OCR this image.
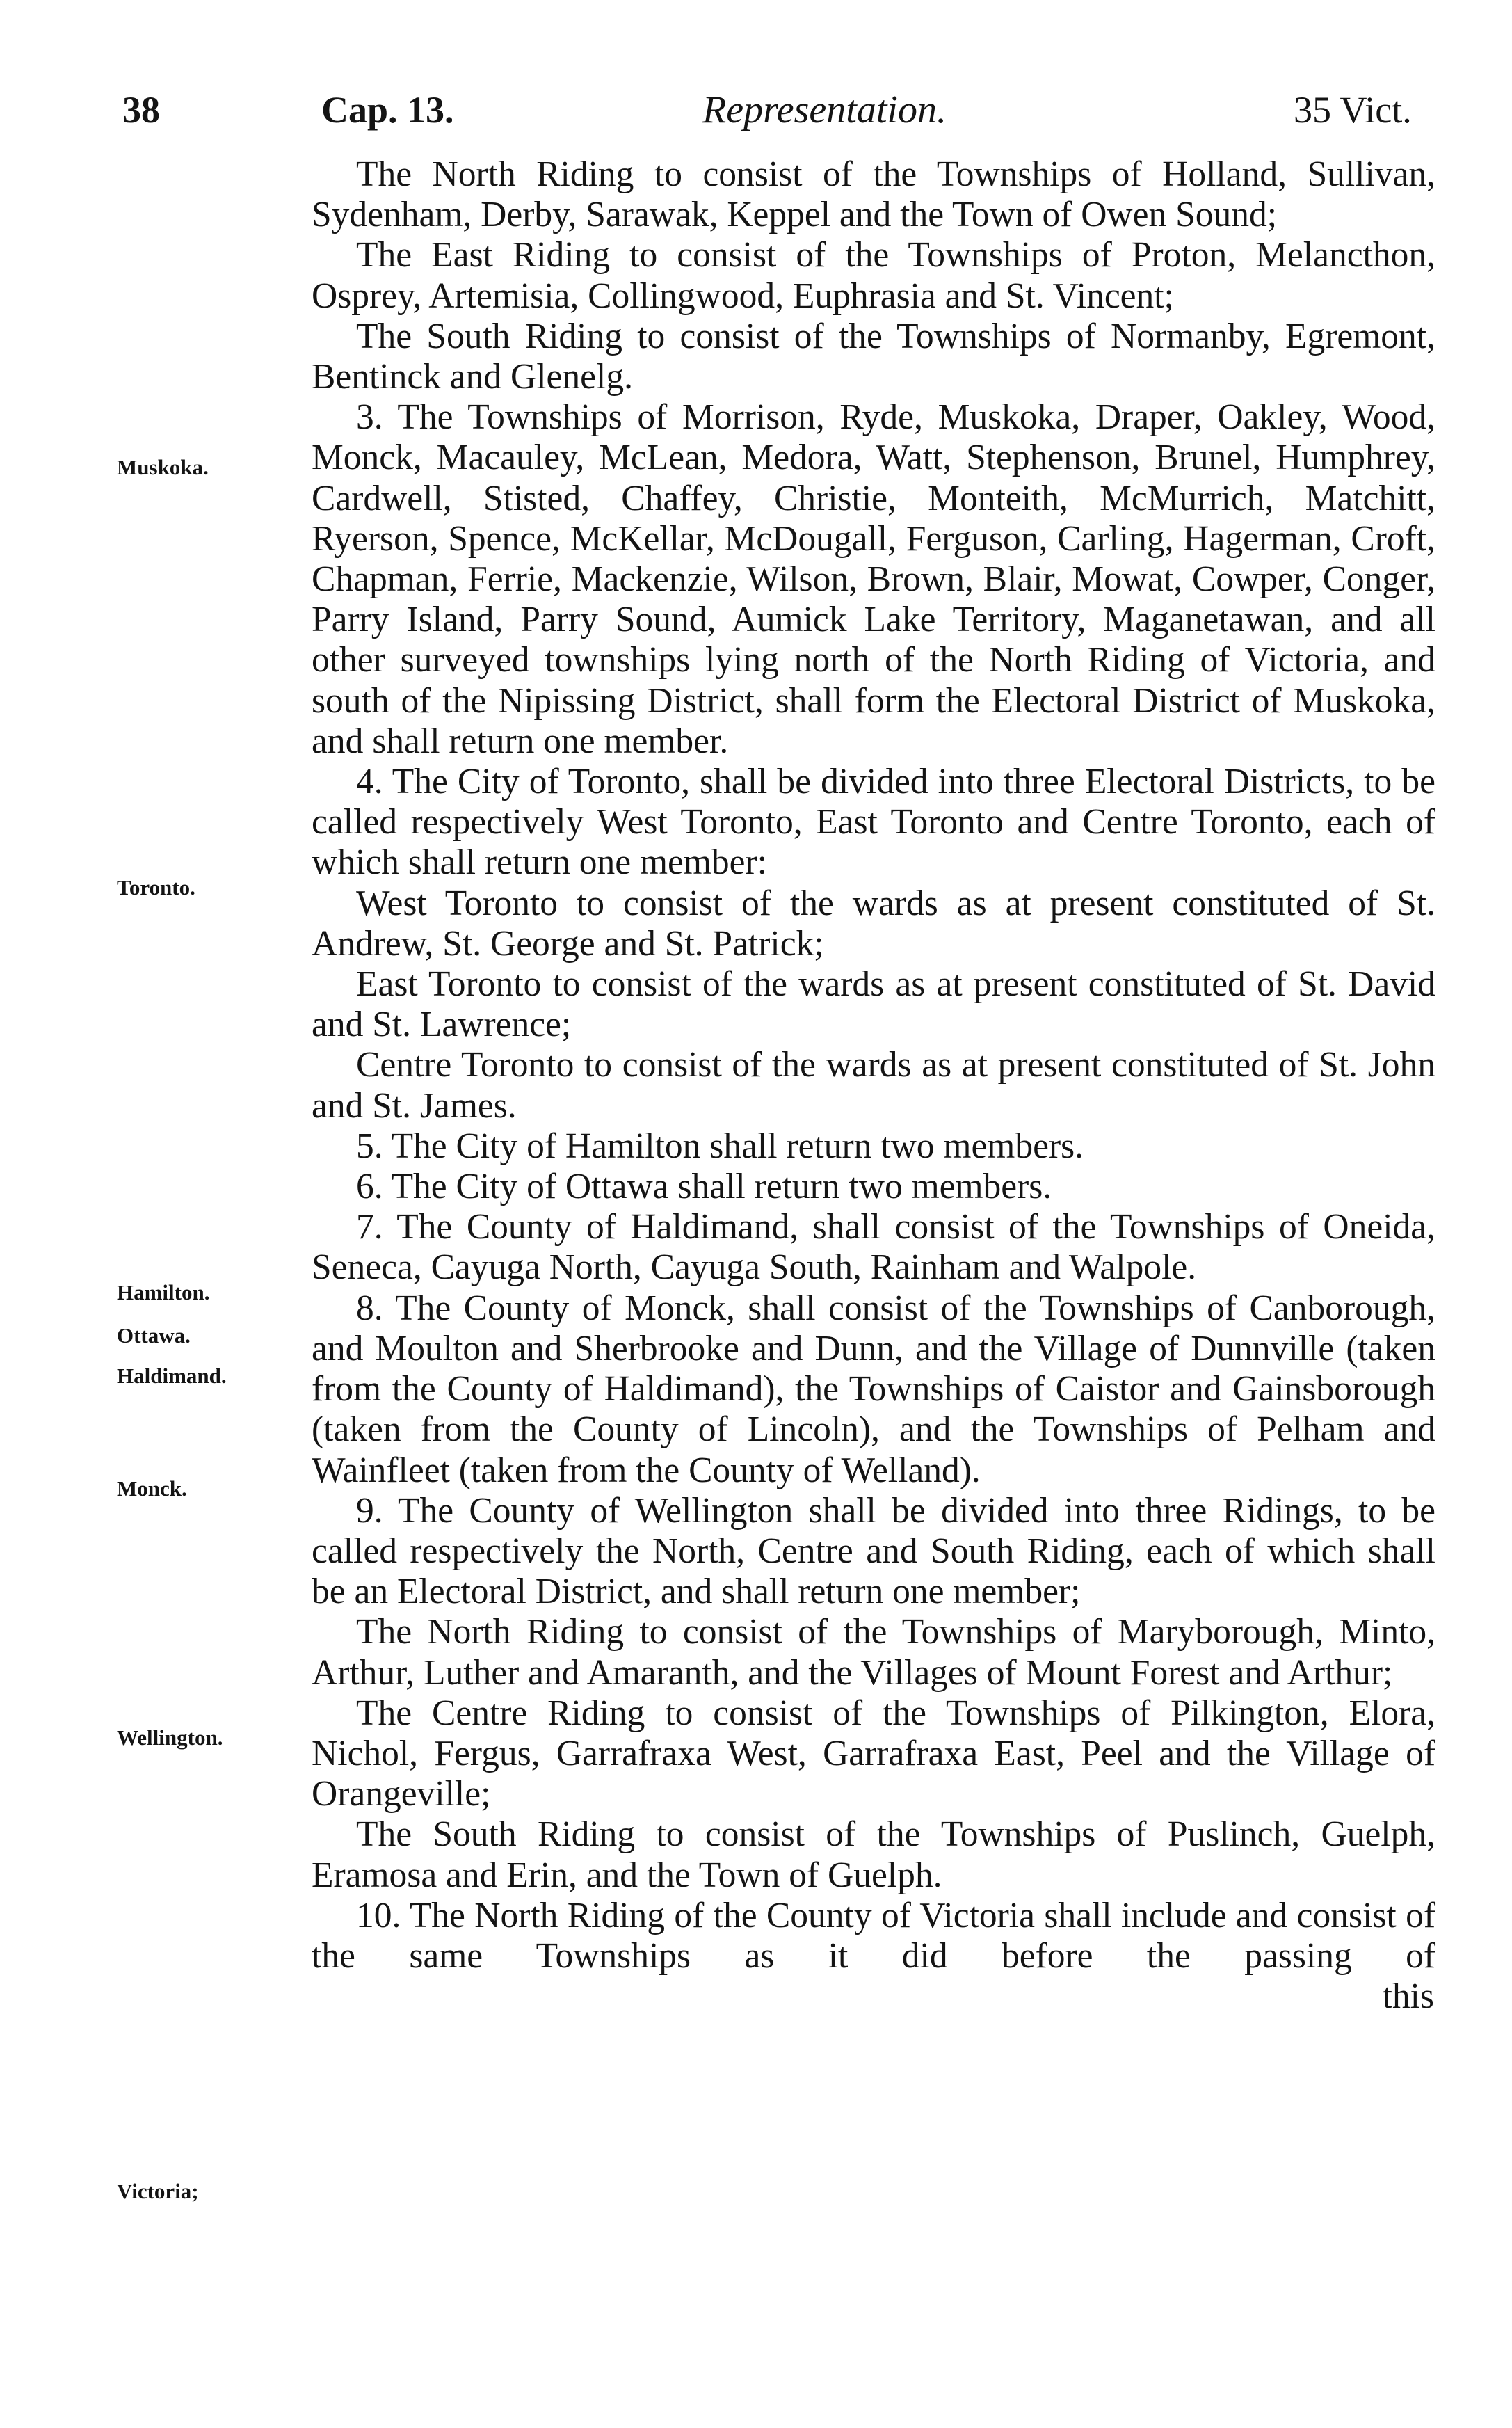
38	Cap. 13.	Representation.	35 Vict.
Muskoka.
Toronto.
Hamilton.
Ottawa.
Haldimand.
Monck.
Wellington.
Victoria;

The North Riding to consist of the Townships of Holland, Sullivan, Sydenham, Derby, Sarawak, Keppel and the Town of Owen Sound;

The East Riding to consist of the Townships of Proton, Melancthon, Osprey, Artemisia, Collingwood, Euphrasia and St. Vincent;

The South Riding to consist of the Townships of Normanby, Egremont, Bentinck and Glenelg.

3. The Townships of Morrison, Ryde, Muskoka, Draper, Oakley, Wood, Monck, Macauley, McLean, Medora, Watt, Stephenson, Brunel, Humphrey, Cardwell, Stisted, Chaffey, Christie, Monteith, McMurrich, Matchitt, Ryerson, Spence, McKellar, McDougall, Ferguson, Carling, Hagerman, Croft, Chapman, Ferrie, Mackenzie, Wilson, Brown, Blair, Mowat, Cowper, Conger, Parry Island, Parry Sound, Aumick Lake Territory, Maganetawan, and all other surveyed townships lying north of the North Riding of Victoria, and south of the Nipissing District, shall form the Electoral District of Muskoka, and shall return one member.

4. The City of Toronto, shall be divided into three Electoral Districts, to be called respectively West Toronto, East Toronto and Centre Toronto, each of which shall return one member:

West Toronto to consist of the wards as at present constituted of St. Andrew, St. George and St. Patrick;

East Toronto to consist of the wards as at present constituted of St. David and St. Lawrence;

Centre Toronto to consist of the wards as at present constituted of St. John and St. James.

5. The City of Hamilton shall return two members.

6. The City of Ottawa shall return two members.

7. The County of Haldimand, shall consist of the Townships of Oneida, Seneca, Cayuga North, Cayuga South, Rainham and Walpole.

8. The County of Monck, shall consist of the Townships of Canborough, and Moulton and Sherbrooke and Dunn, and the Village of Dunnville (taken from the County of Haldimand), the Townships of Caistor and Gainsborough (taken from the County of Lincoln), and the Townships of Pelham and Wainfleet (taken from the County of Welland).

9. The County of Wellington shall be divided into three Ridings, to be called respectively the North, Centre and South Riding, each of which shall be an Electoral District, and shall return one member;

The North Riding to consist of the Townships of Maryborough, Minto, Arthur, Luther and Amaranth, and the Villages of Mount Forest and Arthur;

The Centre Riding to consist of the Townships of Pilkington, Elora, Nichol, Fergus, Garrafraxa West, Garrafraxa East, Peel and the Village of Orangeville;

The South Riding to consist of the Townships of Puslinch, Guelph, Eramosa and Erin, and the Town of Guelph.

10. The North Riding of the County of Victoria shall include and consist of the same Townships as it did before the passing of

this
